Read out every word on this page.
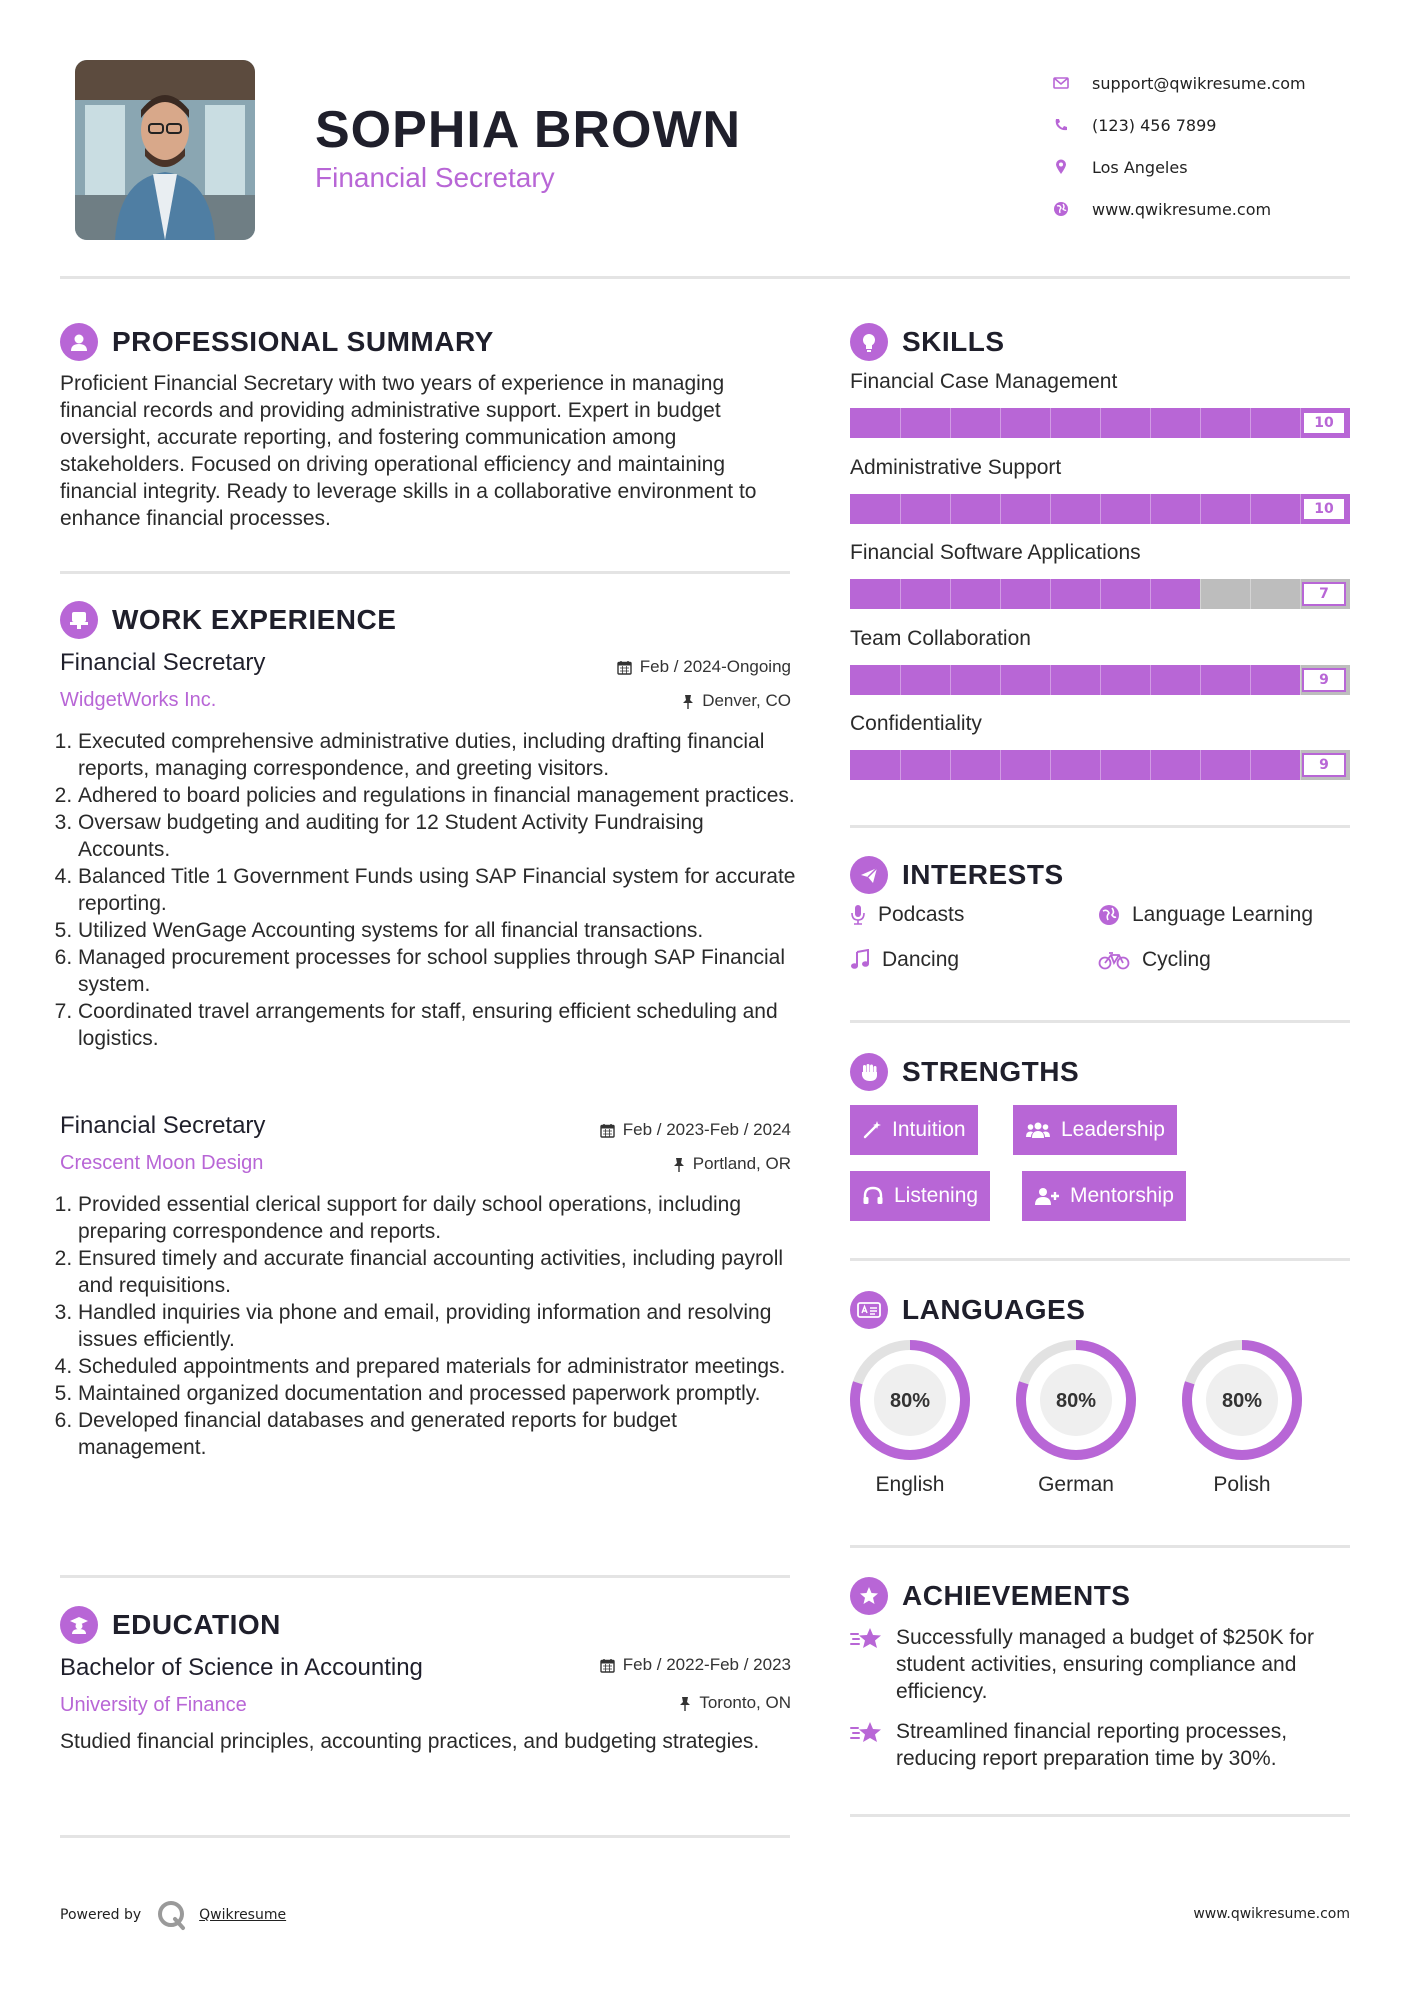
SOPHIA BROWN
Financial Secretary
support@qwikresume.com
(123) 456 7899
Los Angeles
www.qwikresume.com
PROFESSIONAL SUMMARY
Proficient Financial Secretary with two years of experience in managing financial records and providing administrative support. Expert in budget oversight, accurate reporting, and fostering communication among stakeholders. Focused on driving operational efficiency and maintaining financial integrity. Ready to leverage skills in a collaborative environment to enhance financial processes.
WORK EXPERIENCE
Financial Secretary	Feb / 2024-Ongoing
WidgetWorks Inc.	Denver, CO
1. Executed comprehensive administrative duties, including drafting financial reports, managing correspondence, and greeting visitors.
2. Adhered to board policies and regulations in financial management practices.
3. Oversaw budgeting and auditing for 12 Student Activity Fundraising Accounts.
4. Balanced Title 1 Government Funds using SAP Financial system for accurate reporting.
5. Utilized WenGage Accounting systems for all financial transactions.
6. Managed procurement processes for school supplies through SAP Financial system.
7. Coordinated travel arrangements for staff, ensuring efficient scheduling and logistics.
Financial Secretary	Feb / 2023-Feb / 2024
Crescent Moon Design	Portland, OR
1. Provided essential clerical support for daily school operations, including preparing correspondence and reports.
2. Ensured timely and accurate financial accounting activities, including payroll and requisitions.
3. Handled inquiries via phone and email, providing information and resolving issues efficiently.
4. Scheduled appointments and prepared materials for administrator meetings.
5. Maintained organized documentation and processed paperwork promptly.
6. Developed financial databases and generated reports for budget management.
EDUCATION
Bachelor of Science in Accounting	Feb / 2022-Feb / 2023
University of Finance	Toronto, ON
Studied financial principles, accounting practices, and budgeting strategies.
SKILLS
Financial Case Management
10
Administrative Support
10
Financial Software Applications
7
Team Collaboration
9
Confidentiality
9
INTERESTS
Podcasts	Language Learning
Dancing	Cycling
STRENGTHS
Intuition	Leadership
Listening	Mentorship
LANGUAGES
80%
English
80%
German
80%
Polish
ACHIEVEMENTS
Successfully managed a budget of $250K for student activities, ensuring compliance and efficiency.
Streamlined financial reporting processes, reducing report preparation time by 30%.
Powered by	Qwikresume	www.qwikresume.com
